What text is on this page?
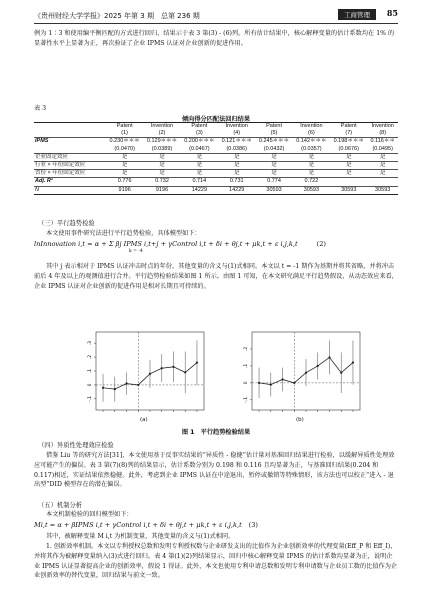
《贵州财经大学学报》2025 年第 3 期　总第 236 期	工商管理	85
例为 1∶3 和使用编平衡匹配的方式进行回归，结果示于表 3 第(3) - (6)列。所有估计结果中，核心解释变量的估计系数均在 1% 的显著性水平上显著为正，再次验证了企业 IPMS 认证对企业创新的促进作用。
表 3
倾向得分匹配法回归结果
	Patent	Invention	Patent	Invention	Patent	Invention	Patent	Invention
	(1)	(2)	(3)	(4)	(5)	(6)	(7)	(8)
IPMS	0.230＊＊＊	0.129＊＊＊	0.200＊＊＊	0.121＊＊＊	0.245＊＊＊	0.142＊＊＊	0.198＊＊＊	0.116＊＊
	(0.0470)	(0.0389)	(0.0467)	(0.0386)	(0.0432)	(0.0357)	(0.0676)	(0.0495)
企业固定效应	是	是	是	是	是	是	是	是
行业 × 年份固定效应	是	是	是	是	是	是	是	是
省份 × 年份固定效应	是	是	是	是	是	是	是	是
Adj. R²	0.776	0.732	0.714	0.731	0.774	0.722		
N	9196	9196	14229	14229	30593	30593	30593	30593
（三）平行趋势检验
本文使用事件研究法进行平行趋势检验，具体模型如下：
lnInnovation i,t = α + Σ βj IPMS i,t+j + γControl i,t + δi + θj,t + μk,t + ε i,j,k,t
k = -4
(2)
其中 j 表示相对于 IPMS 认证冲击时点的年份，其他变量的含义与(1)式相同。本文以 t = -1 期作为基期并将其省略，并将冲击前后 4 年及以上的观测值进行合并。平行趋势检验结果如图 1 所示。由图 1 可知，在本文研究满足平行趋势假设，从动态效应来看，企业 IPMS 认证对企业创新的促进作用是相对长期且可持续的。
-.1
0
.1
.2
.3
-.1
0
.1
.2
(a)	(b)
图 1　平行趋势检验结果
（四）异质性处理效应检验
借鉴 Liu 等的研究方法[31]，本文使用基于反事实结果的“异质性 - 稳健”估计量对基准回归结果进行检验，以缓解异质性处理效应可能产生的偏误。表 3 第(7)(8)列的结果显示，估计系数分别为 0.198 和 0.116 且均显著为正，与基准回归结果(0.204 和 0.117)相近，实证结果依然稳健。此外，考虑到企业 IPMS 认证在中途退出、暂停或撤销等特殊情形，该方法也可以校正“进入 - 退出型”DID 模型存在的潜在偏误。
（五）机制分析
本文机制检验的回归模型如下：
Mi,t = α + βIPMS i,t + γControl i,t + δi + θj,t + μk,t + ε i,j,k,t (3)
其中，被解释变量 M i,t 为机制变量，其他变量的含义与(1)式相同。
1. 创新效率机制。本文以专利授权总数和发明专利授权数与企业研发支出的比值作为企业创新效率的代理变量(Eff_P 和 Eff_I)，并将其作为被解释变量纳入(3)式进行回归。表 4 第(1)(2)列结果显示，回归中核心解释变量 IPMS 的估计系数均显著为正，说明企业 IPMS 认证显著提高企业的创新效率，假说 1 得证。此外，本文也使用专利申请总数和发明专利申请数与企业员工数的比值作为企业创新效率的替代变量，回归结果与前文一致。
